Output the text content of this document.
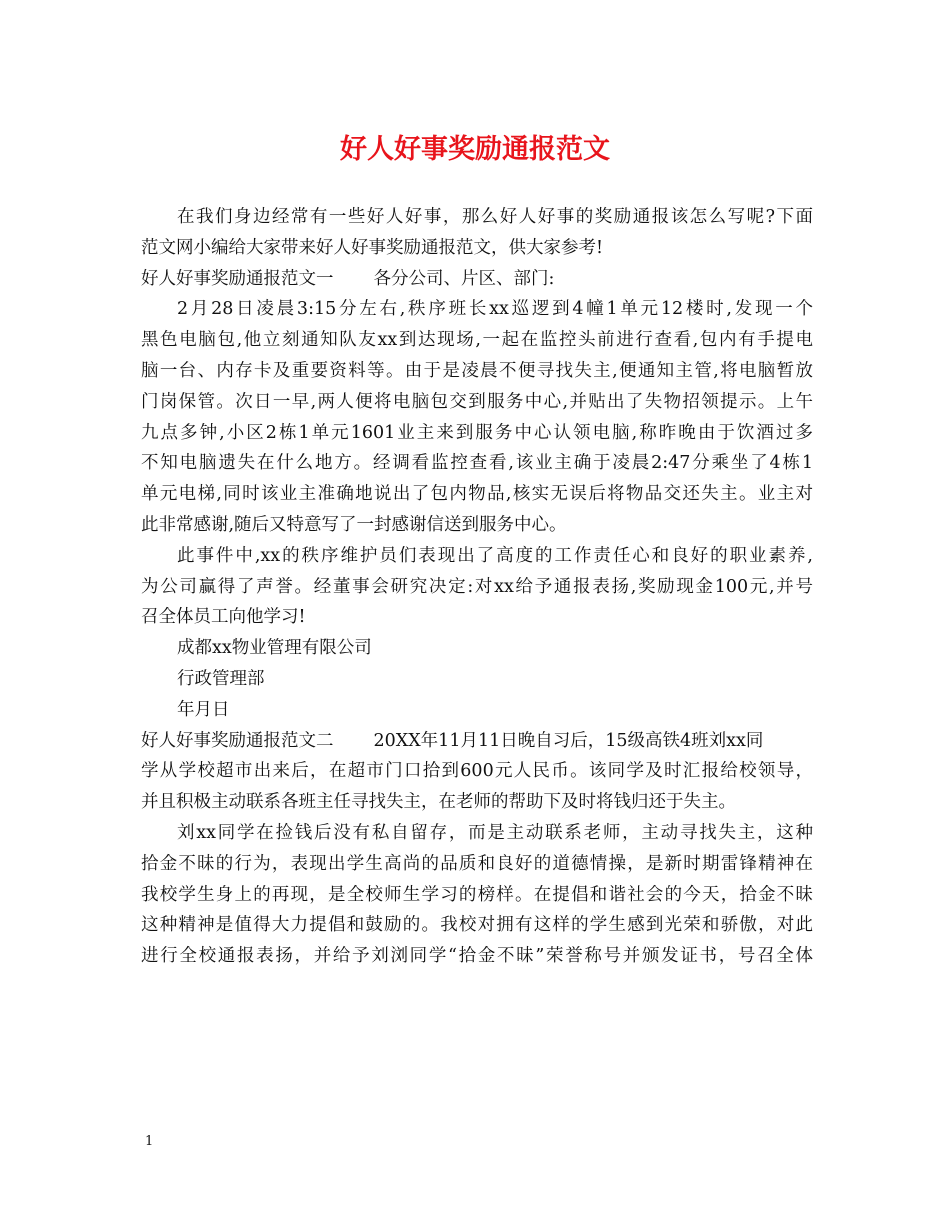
好人好事奖励通报范文
在我们身边经常有一些好人好事，那么好人好事的奖励通报该怎么写呢?下面
范文网小编给大家带来好人好事奖励通报范文，供大家参考!
好人好事奖励通报范文一 各分公司、片区、部门:
2月28日凌晨3:15分左右,秩序班长xx巡逻到4幢1单元12楼时,发现一个
黑色电脑包,他立刻通知队友xx到达现场,一起在监控头前进行查看,包内有手提电
脑一台、内存卡及重要资料等。由于是凌晨不便寻找失主,便通知主管,将电脑暂放
门岗保管。次日一早,两人便将电脑包交到服务中心,并贴出了失物招领提示。上午
九点多钟,小区2栋1单元1601业主来到服务中心认领电脑,称昨晚由于饮酒过多
不知电脑遗失在什么地方。经调看监控查看,该业主确于凌晨2:47分乘坐了4栋1
单元电梯,同时该业主准确地说出了包内物品,核实无误后将物品交还失主。业主对
此非常感谢,随后又特意写了一封感谢信送到服务中心。
此事件中,xx的秩序维护员们表现出了高度的工作责任心和良好的职业素养,
为公司赢得了声誉。经董事会研究决定:对xx给予通报表扬,奖励现金100元,并号
召全体员工向他学习!
成都xx物业管理有限公司
行政管理部
年月日
好人好事奖励通报范文二 20XX年11月11日晚自习后，15级高铁4班刘xx同
学从学校超市出来后，在超市门口拾到600元人民币。该同学及时汇报给校领导，
并且积极主动联系各班主任寻找失主，在老师的帮助下及时将钱归还于失主。
刘xx同学在捡钱后没有私自留存，而是主动联系老师，主动寻找失主，这种
拾金不昧的行为，表现出学生高尚的品质和良好的道德情操，是新时期雷锋精神在
我校学生身上的再现，是全校师生学习的榜样。在提倡和谐社会的今天，拾金不昧
这种精神是值得大力提倡和鼓励的。我校对拥有这样的学生感到光荣和骄傲，对此
进行全校通报表扬，并给予刘浏同学“拾金不昧”荣誉称号并颁发证书，号召全体
1
